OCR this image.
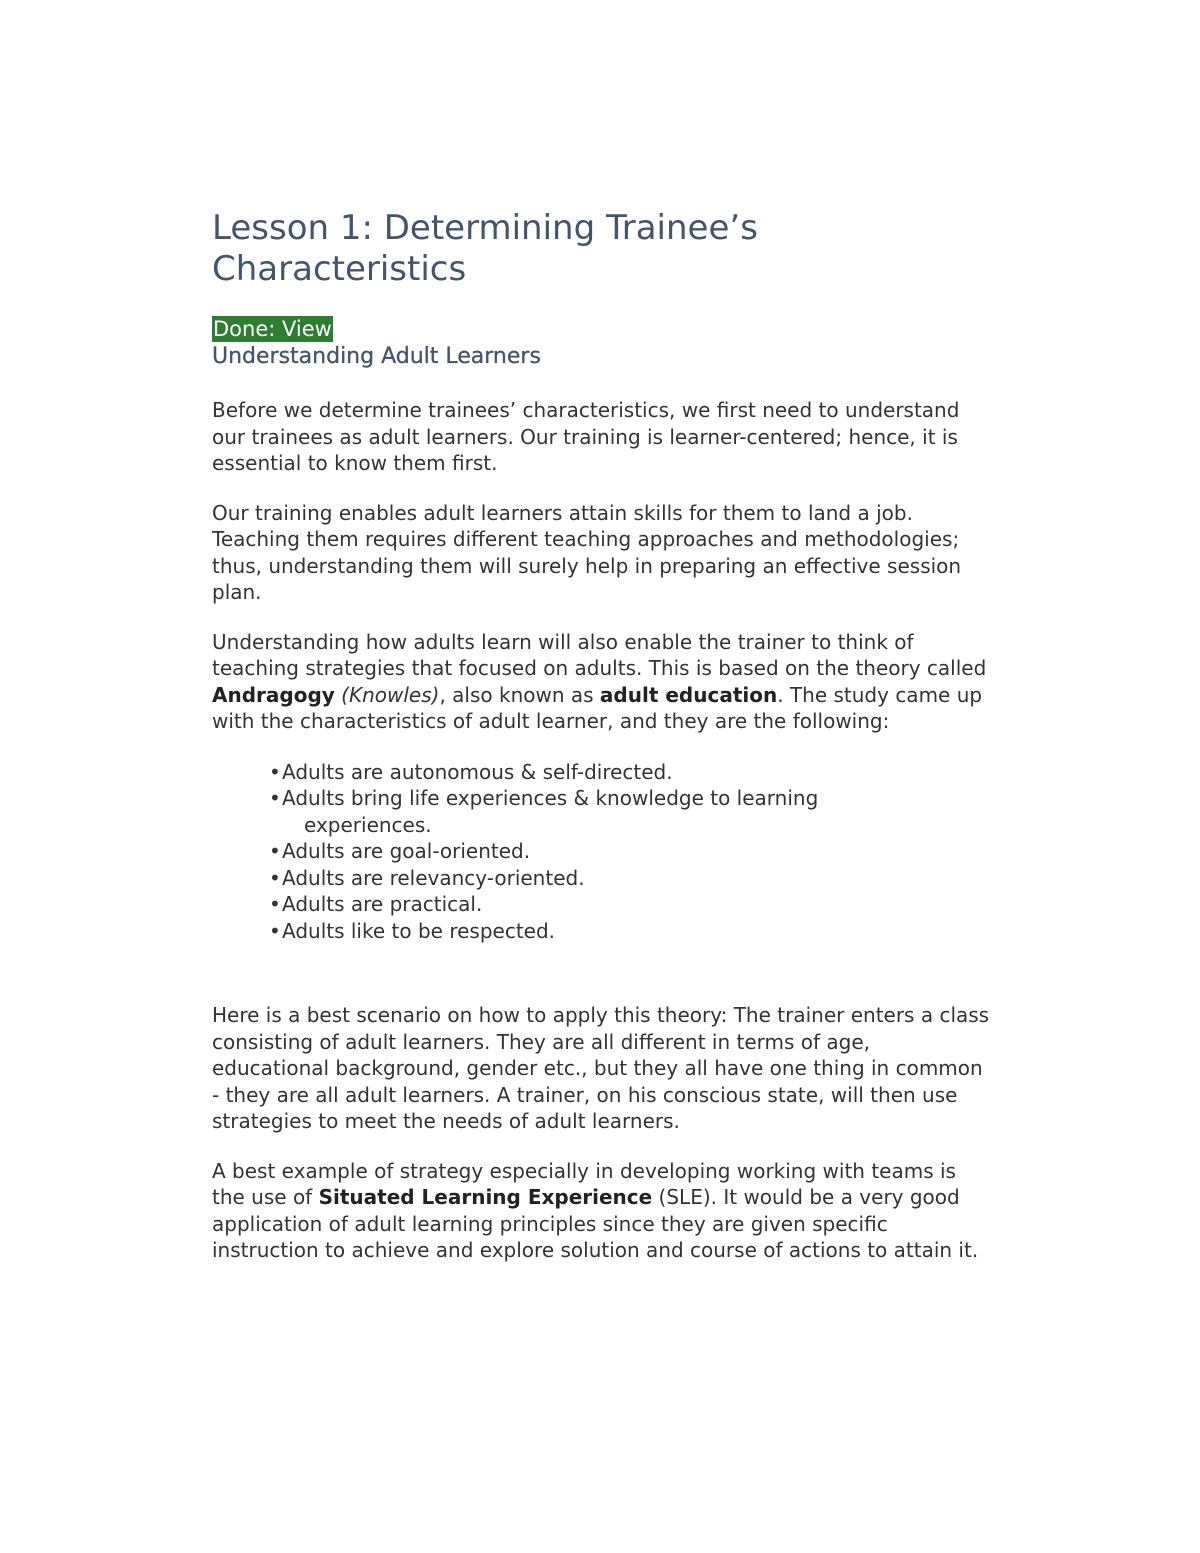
Lesson 1: Determining Trainee’s
Characteristics
Done: View
Understanding Adult Learners

Before we determine trainees’ characteristics, we first need to understand our trainees as adult learners. Our training is learner-centered; hence, it is essential to know them first.

Our training enables adult learners attain skills for them to land a job. Teaching them requires different teaching approaches and methodologies; thus, understanding them will surely help in preparing an effective session plan.

Understanding how adults learn will also enable the trainer to think of teaching strategies that focused on adults. This is based on the theory called Andragogy (Knowles), also known as adult education. The study came up with the characteristics of adult learner, and they are the following:

• Adults are autonomous & self-directed.
• Adults bring life experiences & knowledge to learning
experiences.
• Adults are goal-oriented.
• Adults are relevancy-oriented.
• Adults are practical.
• Adults like to be respected.

Here is a best scenario on how to apply this theory: The trainer enters a class consisting of adult learners. They are all different in terms of age, educational background, gender etc., but they all have one thing in common - they are all adult learners. A trainer, on his conscious state, will then use strategies to meet the needs of adult learners.

A best example of strategy especially in developing working with teams is the use of Situated Learning Experience (SLE). It would be a very good application of adult learning principles since they are given specific instruction to achieve and explore solution and course of actions to attain it.
